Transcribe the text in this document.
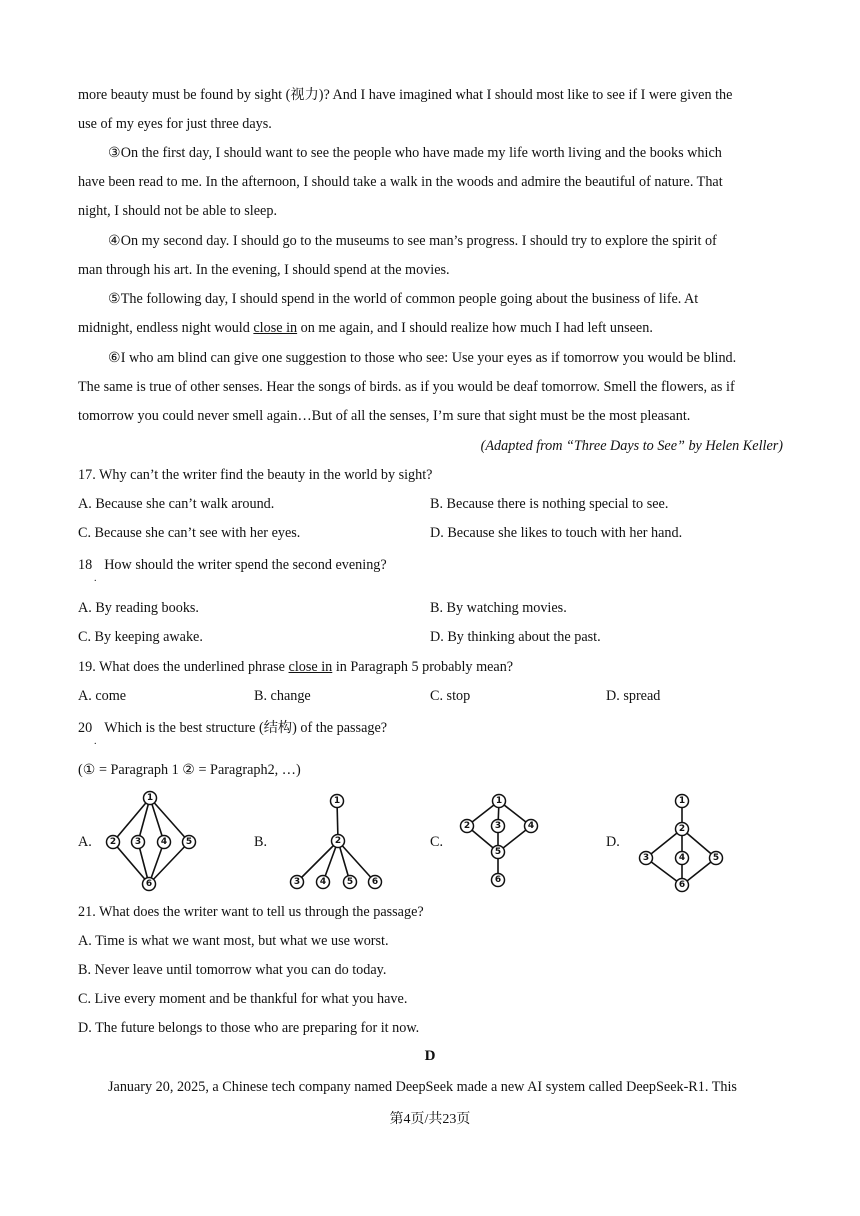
more beauty must be found by sight (视力)? And I have imagined what I should most like to see if I were given the
use of my eyes for just three days.
③On the first day, I should want to see the people who have made my life worth living and the books which
have been read to me. In the afternoon, I should take a walk in the woods and admire the beautiful of nature. That
night, I should not be able to sleep.
④On my second day. I should go to the museums to see man’s progress. I should try to explore the spirit of
man through his art. In the evening, I should spend at the movies.
⑤The following day, I should spend in the world of common people going about the business of life. At
midnight, endless night would close in on me again, and I should realize how much I had left unseen.
⑥I who am blind can give one suggestion to those who see: Use your eyes as if tomorrow you would be blind.
The same is true of other senses. Hear the songs of birds. as if you would be deaf tomorrow. Smell the flowers, as if
tomorrow you could never smell again…But of all the senses, I’m sure that sight must be the most pleasant.
(Adapted from “Three Days to See” by Helen Keller)
17. Why can’t the writer find the beauty in the world by sight?
A. Because she can’t walk around.	B. Because there is nothing special to see.
C. Because she can’t see with her eyes.	D. Because she likes to touch with her hand.
18 How should the writer spend the second evening?
.
A. By reading books.	B. By watching movies.
C. By keeping awake.	D. By thinking about the past.
19. What does the underlined phrase close in in Paragraph 5 probably mean?
A. come	B. change	C. stop	D. spread
20 Which is the best structure (结构) of the passage?
.
(① = Paragraph 1 ② = Paragraph2, …)
A.	B.	C.	D.
1
2 3 4 5
6
1
2
3 4 5 6
1
2	3	4
5
6
1
2
3	4	5
6
21. What does the writer want to tell us through the passage?
A. Time is what we want most, but what we use worst.
B. Never leave until tomorrow what you can do today.
C. Live every moment and be thankful for what you have.
D. The future belongs to those who are preparing for it now.
D
January 20, 2025, a Chinese tech company named DeepSeek made a new AI system called DeepSeek-R1. This
第4页/共23页
